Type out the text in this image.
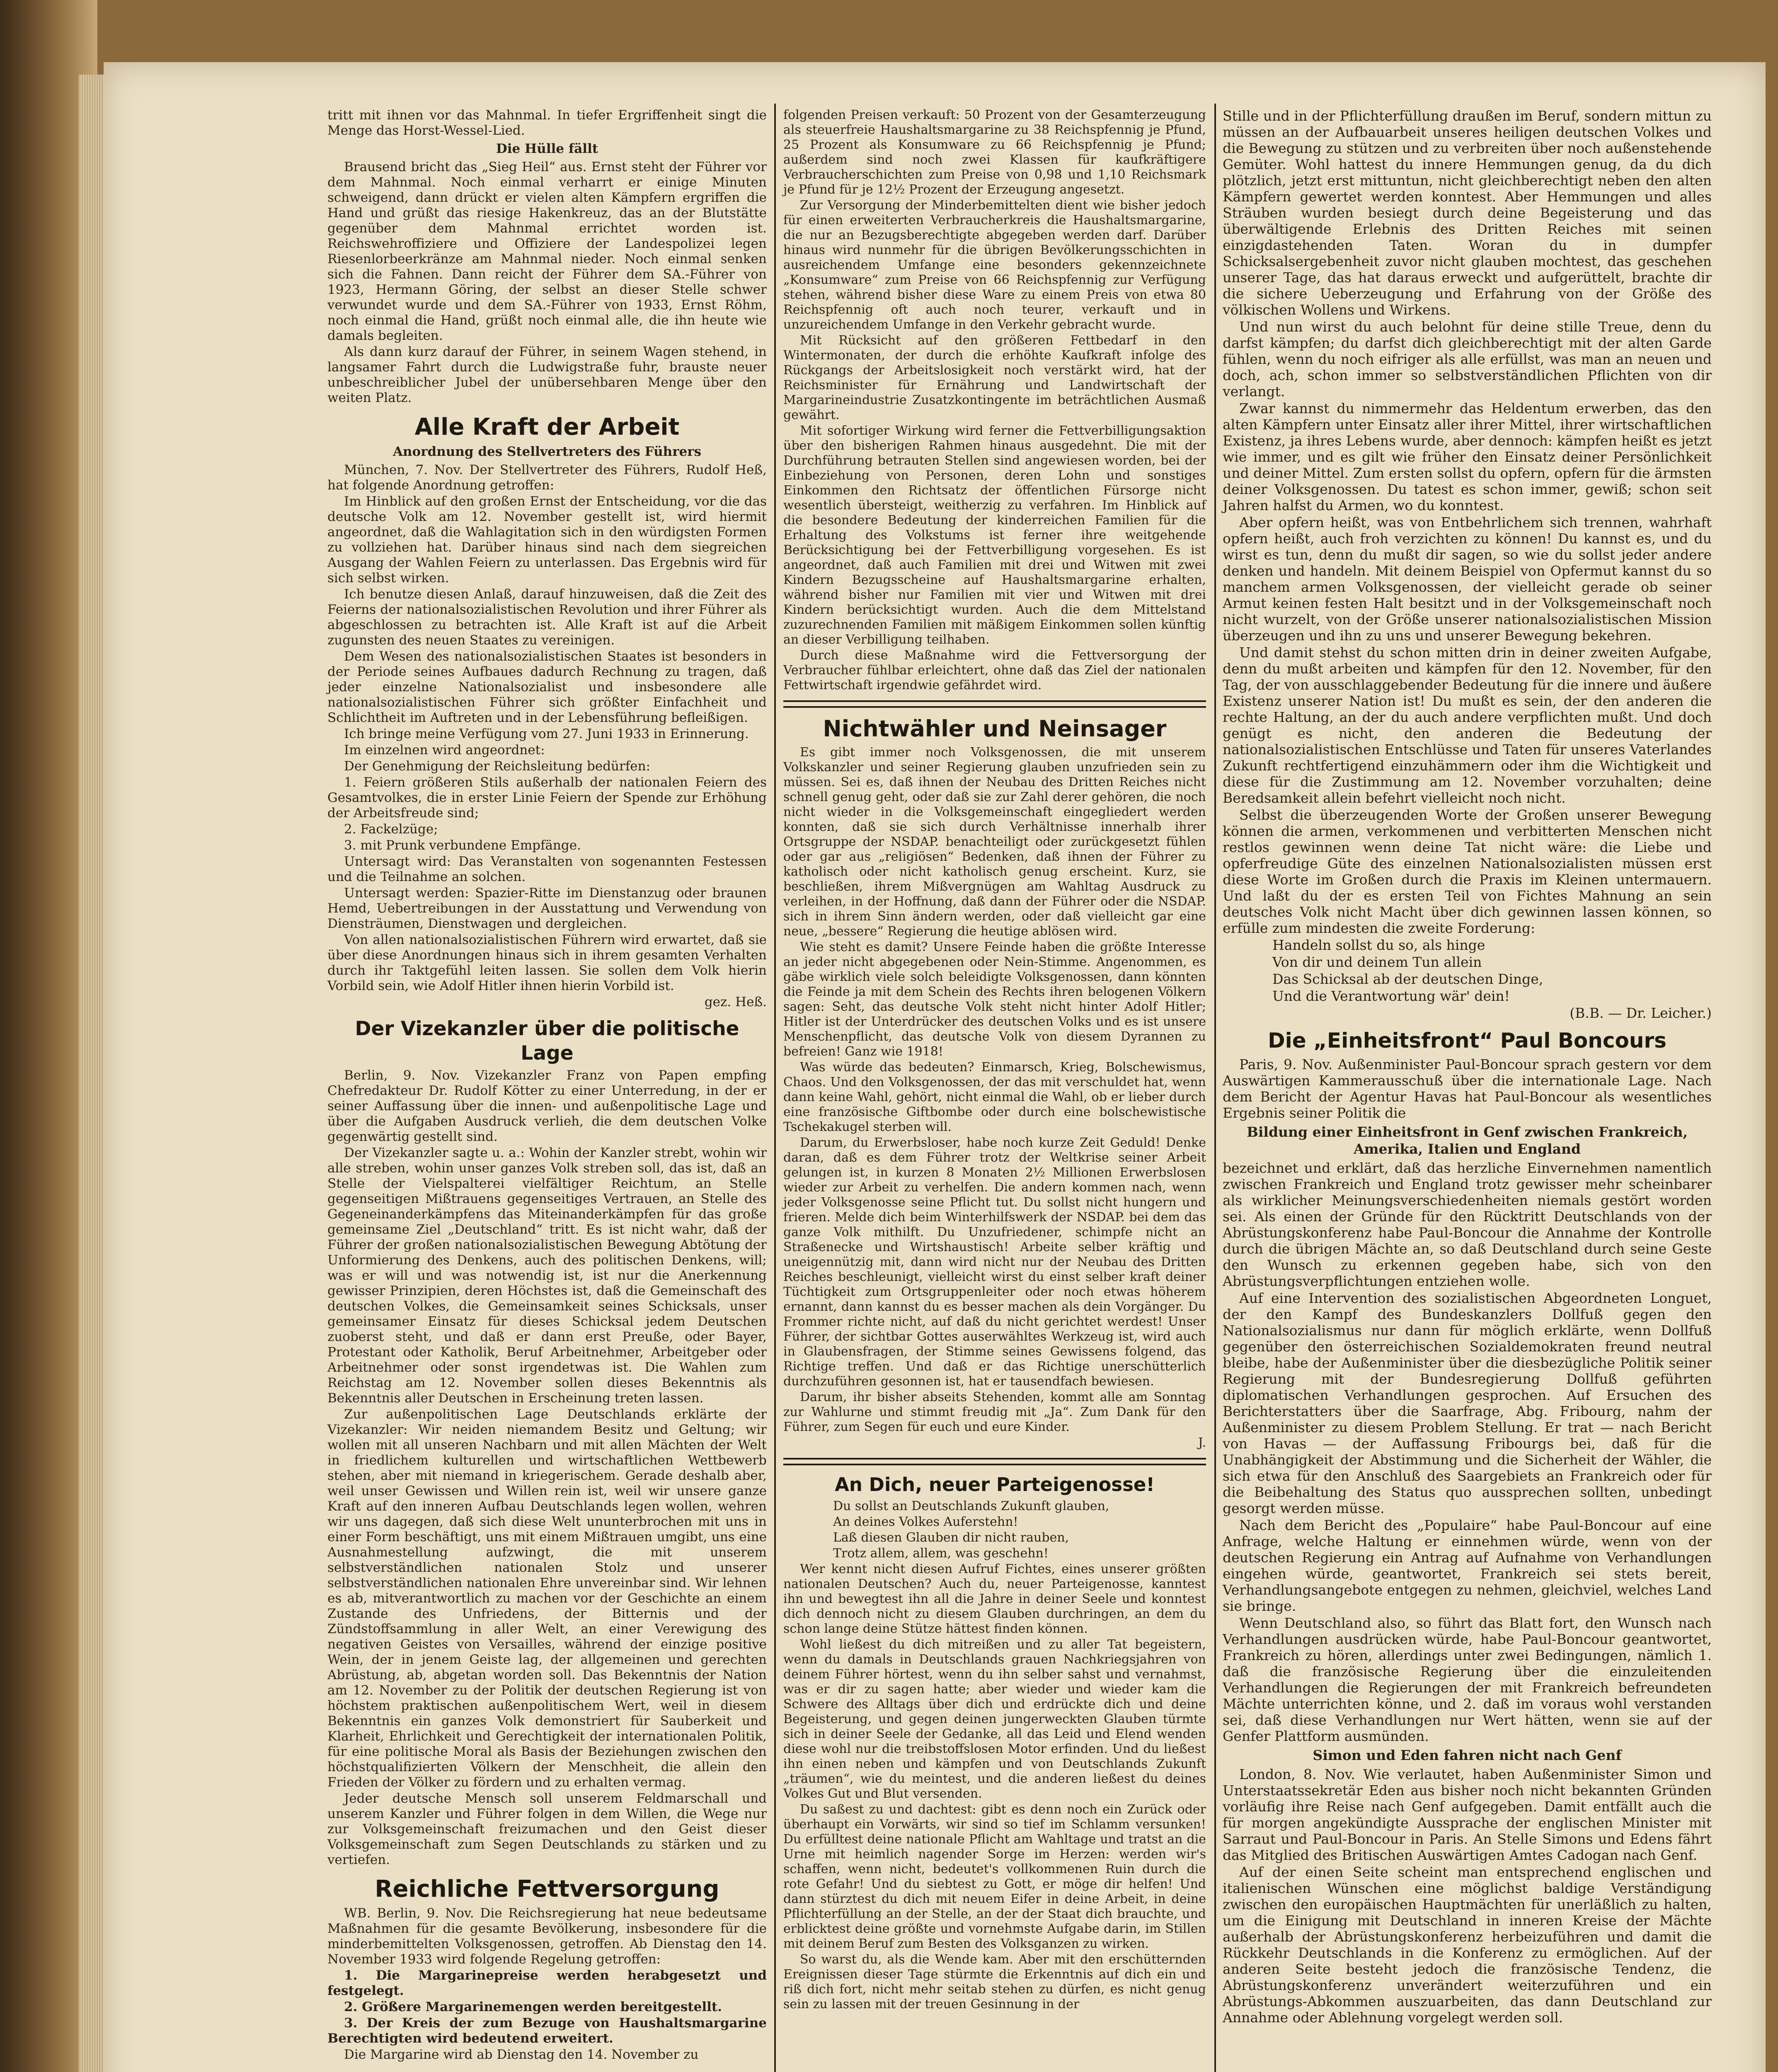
tritt mit ihnen vor das Mahnmal. In tiefer Ergriffenheit singt die Menge das Horst-Wessel-Lied.

Die Hülle fällt

Brausend bricht das „Sieg Heil“ aus. Ernst steht der Führer vor dem Mahnmal. Noch einmal verharrt er einige Minuten schweigend, dann drückt er vielen alten Kämpfern ergriffen die Hand und grüßt das riesige Hakenkreuz, das an der Blutstätte gegenüber dem Mahnmal errichtet worden ist. Reichswehroffiziere und Offiziere der Landespolizei legen Riesenlorbeerkränze am Mahnmal nieder. Noch einmal senken sich die Fahnen. Dann reicht der Führer dem SA.-Führer von 1923, Hermann Göring, der selbst an dieser Stelle schwer verwundet wurde und dem SA.-Führer von 1933, Ernst Röhm, noch einmal die Hand, grüßt noch einmal alle, die ihn heute wie damals begleiten.

Als dann kurz darauf der Führer, in seinem Wagen stehend, in langsamer Fahrt durch die Ludwigstraße fuhr, brauste neuer unbeschreiblicher Jubel der unübersehbaren Menge über den weiten Platz.

Alle Kraft der Arbeit
Anordnung des Stellvertreters des Führers

München, 7. Nov. Der Stellvertreter des Führers, Rudolf Heß, hat folgende Anordnung getroffen:

Im Hinblick auf den großen Ernst der Entscheidung, vor die das deutsche Volk am 12. November gestellt ist, wird hiermit angeordnet, daß die Wahlagitation sich in den würdigsten Formen zu vollziehen hat. Darüber hinaus sind nach dem siegreichen Ausgang der Wahlen Feiern zu unterlassen. Das Ergebnis wird für sich selbst wirken.

Ich benutze diesen Anlaß, darauf hinzuweisen, daß die Zeit des Feierns der nationalsozialistischen Revolution und ihrer Führer als abgeschlossen zu betrachten ist. Alle Kraft ist auf die Arbeit zugunsten des neuen Staates zu vereinigen.

Dem Wesen des nationalsozialistischen Staates ist besonders in der Periode seines Aufbaues dadurch Rechnung zu tragen, daß jeder einzelne Nationalsozialist und insbesondere alle nationalsozialistischen Führer sich größter Einfachheit und Schlichtheit im Auftreten und in der Lebensführung befleißigen.

Ich bringe meine Verfügung vom 27. Juni 1933 in Erinnerung.

Im einzelnen wird angeordnet:

Der Genehmigung der Reichsleitung bedürfen:

1. Feiern größeren Stils außerhalb der nationalen Feiern des Gesamtvolkes, die in erster Linie Feiern der Spende zur Erhöhung der Arbeitsfreude sind;

2. Fackelzüge;

3. mit Prunk verbundene Empfänge.

Untersagt wird: Das Veranstalten von sogenannten Festessen und die Teilnahme an solchen.

Untersagt werden: Spazier-Ritte im Dienstanzug oder braunen Hemd, Uebertreibungen in der Ausstattung und Verwendung von Diensträumen, Dienstwagen und dergleichen.

Von allen nationalsozialistischen Führern wird erwartet, daß sie über diese Anordnungen hinaus sich in ihrem gesamten Verhalten durch ihr Taktgefühl leiten lassen. Sie sollen dem Volk hierin Vorbild sein, wie Adolf Hitler ihnen hierin Vorbild ist.

gez. Heß.

Der Vizekanzler über die politische Lage

Berlin, 9. Nov. Vizekanzler Franz von Papen empfing Chefredakteur Dr. Rudolf Kötter zu einer Unterredung, in der er seiner Auffassung über die innen- und außenpolitische Lage und über die Aufgaben Ausdruck verlieh, die dem deutschen Volke gegenwärtig gestellt sind.

Der Vizekanzler sagte u. a.: Wohin der Kanzler strebt, wohin wir alle streben, wohin unser ganzes Volk streben soll, das ist, daß an Stelle der Vielspalterei vielfältiger Reichtum, an Stelle gegenseitigen Mißtrauens gegenseitiges Vertrauen, an Stelle des Gegeneinanderkämpfens das Miteinanderkämpfen für das große gemeinsame Ziel „Deutschland“ tritt. Es ist nicht wahr, daß der Führer der großen nationalsozialistischen Bewegung Abtötung der Unformierung des Denkens, auch des politischen Denkens, will; was er will und was notwendig ist, ist nur die Anerkennung gewisser Prinzipien, deren Höchstes ist, daß die Gemeinschaft des deutschen Volkes, die Gemeinsamkeit seines Schicksals, unser gemeinsamer Einsatz für dieses Schicksal jedem Deutschen zuoberst steht, und daß er dann erst Preuße, oder Bayer, Protestant oder Katholik, Beruf Arbeitnehmer, Arbeitgeber oder Arbeitnehmer oder sonst irgendetwas ist. Die Wahlen zum Reichstag am 12. November sollen dieses Bekenntnis als Bekenntnis aller Deutschen in Erscheinung treten lassen.

Zur außenpolitischen Lage Deutschlands erklärte der Vizekanzler: Wir neiden niemandem Besitz und Geltung; wir wollen mit all unseren Nachbarn und mit allen Mächten der Welt in friedlichem kulturellen und wirtschaftlichen Wettbewerb stehen, aber mit niemand in kriegerischem. Gerade deshalb aber, weil unser Gewissen und Willen rein ist, weil wir unsere ganze Kraft auf den inneren Aufbau Deutschlands legen wollen, wehren wir uns dagegen, daß sich diese Welt ununterbrochen mit uns in einer Form beschäftigt, uns mit einem Mißtrauen umgibt, uns eine Ausnahmestellung aufzwingt, die mit unserem selbstverständlichen nationalen Stolz und unserer selbstverständlichen nationalen Ehre unvereinbar sind. Wir lehnen es ab, mitverantwortlich zu machen vor der Geschichte an einem Zustande des Unfriedens, der Bitternis und der Zündstoffsammlung in aller Welt, an einer Verewigung des negativen Geistes von Versailles, während der einzige positive Wein, der in jenem Geiste lag, der allgemeinen und gerechten Abrüstung, ab, abgetan worden soll. Das Bekenntnis der Nation am 12. November zu der Politik der deutschen Regierung ist von höchstem praktischen außenpolitischem Wert, weil in diesem Bekenntnis ein ganzes Volk demonstriert für Sauberkeit und Klarheit, Ehrlichkeit und Gerechtigkeit der internationalen Politik, für eine politische Moral als Basis der Beziehungen zwischen den höchstqualifizierten Völkern der Menschheit, die allein den Frieden der Völker zu fördern und zu erhalten vermag.

Jeder deutsche Mensch soll unserem Feldmarschall und unserem Kanzler und Führer folgen in dem Willen, die Wege nur zur Volksgemeinschaft freizumachen und den Geist dieser Volksgemeinschaft zum Segen Deutschlands zu stärken und zu vertiefen.

Reichliche Fettversorgung

WB. Berlin, 9. Nov. Die Reichsregierung hat neue bedeutsame Maßnahmen für die gesamte Bevölkerung, insbesondere für die minderbemittelten Volksgenossen, getroffen. Ab Dienstag den 14. November 1933 wird folgende Regelung getroffen:

1. Die Margarinepreise werden herabgesetzt und festgelegt.

2. Größere Margarinemengen werden bereitgestellt.

3. Der Kreis der zum Bezuge von Haushaltsmargarine Berechtigten wird bedeutend erweitert.

Die Margarine wird ab Dienstag den 14. November zu

folgenden Preisen verkauft: 50 Prozent von der Gesamterzeugung als steuerfreie Haushaltsmargarine zu 38 Reichspfennig je Pfund, 25 Prozent als Konsumware zu 66 Reichspfennig je Pfund; außerdem sind noch zwei Klassen für kaufkräftigere Verbraucherschichten zum Preise von 0,98 und 1,10 Reichsmark je Pfund für je 12½ Prozent der Erzeugung angesetzt.

Zur Versorgung der Minderbemittelten dient wie bisher jedoch für einen erweiterten Verbraucherkreis die Haushaltsmargarine, die nur an Bezugsberechtigte abgegeben werden darf. Darüber hinaus wird nunmehr für die übrigen Bevölkerungsschichten in ausreichendem Umfange eine besonders gekennzeichnete „Konsumware“ zum Preise von 66 Reichspfennig zur Verfügung stehen, während bisher diese Ware zu einem Preis von etwa 80 Reichspfennig oft auch noch teurer, verkauft und in unzureichendem Umfange in den Verkehr gebracht wurde.

Mit Rücksicht auf den größeren Fettbedarf in den Wintermonaten, der durch die erhöhte Kaufkraft infolge des Rückgangs der Arbeitslosigkeit noch verstärkt wird, hat der Reichsminister für Ernährung und Landwirtschaft der Margarineindustrie Zusatzkontingente im beträchtlichen Ausmaß gewährt.

Mit sofortiger Wirkung wird ferner die Fettverbilligungsaktion über den bisherigen Rahmen hinaus ausgedehnt. Die mit der Durchführung betrauten Stellen sind angewiesen worden, bei der Einbeziehung von Personen, deren Lohn und sonstiges Einkommen den Richtsatz der öffentlichen Fürsorge nicht wesentlich übersteigt, weitherzig zu verfahren. Im Hinblick auf die besondere Bedeutung der kinderreichen Familien für die Erhaltung des Volkstums ist ferner ihre weitgehende Berücksichtigung bei der Fettverbilligung vorgesehen. Es ist angeordnet, daß auch Familien mit drei und Witwen mit zwei Kindern Bezugsscheine auf Haushaltsmargarine erhalten, während bisher nur Familien mit vier und Witwen mit drei Kindern berücksichtigt wurden. Auch die dem Mittelstand zuzurechnenden Familien mit mäßigem Einkommen sollen künftig an dieser Verbilligung teilhaben.

Durch diese Maßnahme wird die Fettversorgung der Verbraucher fühlbar erleichtert, ohne daß das Ziel der nationalen Fettwirtschaft irgendwie gefährdet wird.

Nichtwähler und Neinsager

Es gibt immer noch Volksgenossen, die mit unserem Volkskanzler und seiner Regierung glauben unzufrieden sein zu müssen. Sei es, daß ihnen der Neubau des Dritten Reiches nicht schnell genug geht, oder daß sie zur Zahl derer gehören, die noch nicht wieder in die Volksgemeinschaft eingegliedert werden konnten, daß sie sich durch Verhältnisse innerhalb ihrer Ortsgruppe der NSDAP. benachteiligt oder zurückgesetzt fühlen oder gar aus „religiösen“ Bedenken, daß ihnen der Führer zu katholisch oder nicht katholisch genug erscheint. Kurz, sie beschließen, ihrem Mißvergnügen am Wahltag Ausdruck zu verleihen, in der Hoffnung, daß dann der Führer oder die NSDAP. sich in ihrem Sinn ändern werden, oder daß vielleicht gar eine neue, „bessere“ Regierung die heutige ablösen wird.

Wie steht es damit? Unsere Feinde haben die größte Interesse an jeder nicht abgegebenen oder Nein-Stimme. Angenommen, es gäbe wirklich viele solch beleidigte Volksgenossen, dann könnten die Feinde ja mit dem Schein des Rechts ihren belogenen Völkern sagen: Seht, das deutsche Volk steht nicht hinter Adolf Hitler; Hitler ist der Unterdrücker des deutschen Volks und es ist unsere Menschenpflicht, das deutsche Volk von diesem Dyrannen zu befreien! Ganz wie 1918!

Was würde das bedeuten? Einmarsch, Krieg, Bolschewismus, Chaos. Und den Volksgenossen, der das mit verschuldet hat, wenn dann keine Wahl, gehört, nicht einmal die Wahl, ob er lieber durch eine französische Giftbombe oder durch eine bolschewistische Tschekakugel sterben will.

Darum, du Erwerbsloser, habe noch kurze Zeit Geduld! Denke daran, daß es dem Führer trotz der Weltkrise seiner Arbeit gelungen ist, in kurzen 8 Monaten 2½ Millionen Erwerbslosen wieder zur Arbeit zu verhelfen. Die andern kommen nach, wenn jeder Volksgenosse seine Pflicht tut. Du sollst nicht hungern und frieren. Melde dich beim Winterhilfswerk der NSDAP. bei dem das ganze Volk mithilft. Du Unzufriedener, schimpfe nicht an Straßenecke und Wirtshaustisch! Arbeite selber kräftig und uneigennützig mit, dann wird nicht nur der Neubau des Dritten Reiches beschleunigt, vielleicht wirst du einst selber kraft deiner Tüchtigkeit zum Ortsgruppenleiter oder noch etwas höherem ernannt, dann kannst du es besser machen als dein Vorgänger. Du Frommer richte nicht, auf daß du nicht gerichtet werdest! Unser Führer, der sichtbar Gottes auserwähltes Werkzeug ist, wird auch in Glaubensfragen, der Stimme seines Gewissens folgend, das Richtige treffen. Und daß er das Richtige unerschütterlich durchzuführen gesonnen ist, hat er tausendfach bewiesen.

Darum, ihr bisher abseits Stehenden, kommt alle am Sonntag zur Wahlurne und stimmt freudig mit „Ja“. Zum Dank für den Führer, zum Segen für euch und eure Kinder.

J.

An Dich, neuer Parteigenosse!

Du sollst an Deutschlands Zukunft glauben,

An deines Volkes Auferstehn!

Laß diesen Glauben dir nicht rauben,

Trotz allem, allem, was geschehn!

Wer kennt nicht diesen Aufruf Fichtes, eines unserer größten nationalen Deutschen? Auch du, neuer Parteigenosse, kanntest ihn und bewegtest ihn all die Jahre in deiner Seele und konntest dich dennoch nicht zu diesem Glauben durchringen, an dem du schon lange deine Stütze hättest finden können.

Wohl ließest du dich mitreißen und zu aller Tat begeistern, wenn du damals in Deutschlands grauen Nachkriegsjahren von deinem Führer hörtest, wenn du ihn selber sahst und vernahmst, was er dir zu sagen hatte; aber wieder und wieder kam die Schwere des Alltags über dich und erdrückte dich und deine Begeisterung, und gegen deinen jungerweckten Glauben türmte sich in deiner Seele der Gedanke, all das Leid und Elend wenden diese wohl nur die treibstoffslosen Motor erfinden. Und du ließest ihn einen neben und kämpfen und von Deutschlands Zukunft „träumen“, wie du meintest, und die anderen ließest du deines Volkes Gut und Blut versenden.

Du saßest zu und dachtest: gibt es denn noch ein Zurück oder überhaupt ein Vorwärts, wir sind so tief im Schlamm versunken! Du erfülltest deine nationale Pflicht am Wahltage und tratst an die Urne mit heimlich nagender Sorge im Herzen: werden wir's schaffen, wenn nicht, bedeutet's vollkommenen Ruin durch die rote Gefahr! Und du siebtest zu Gott, er möge dir helfen! Und dann stürztest du dich mit neuem Eifer in deine Arbeit, in deine Pflichterfüllung an der Stelle, an der der Staat dich brauchte, und erblicktest deine größte und vornehmste Aufgabe darin, im Stillen mit deinem Beruf zum Besten des Volksganzen zu wirken.

So warst du, als die Wende kam. Aber mit den erschütternden Ereignissen dieser Tage stürmte die Erkenntnis auf dich ein und riß dich fort, nicht mehr seitab stehen zu dürfen, es nicht genug sein zu lassen mit der treuen Gesinnung in der

Stille und in der Pflichterfüllung draußen im Beruf, sondern mittun zu müssen an der Aufbauarbeit unseres heiligen deutschen Volkes und die Bewegung zu stützen und zu verbreiten über noch außenstehende Gemüter. Wohl hattest du innere Hemmungen genug, da du dich plötzlich, jetzt erst mittuntun, nicht gleichberechtigt neben den alten Kämpfern gewertet werden konntest. Aber Hemmungen und alles Sträuben wurden besiegt durch deine Begeisterung und das überwältigende Erlebnis des Dritten Reiches mit seinen einzigdastehenden Taten. Woran du in dumpfer Schicksalsergebenheit zuvor nicht glauben mochtest, das geschehen unserer Tage, das hat daraus erweckt und aufgerüttelt, brachte dir die sichere Ueberzeugung und Erfahrung von der Größe des völkischen Wollens und Wirkens.

Und nun wirst du auch belohnt für deine stille Treue, denn du darfst kämpfen; du darfst dich gleichberechtigt mit der alten Garde fühlen, wenn du noch eifriger als alle erfüllst, was man an neuen und doch, ach, schon immer so selbstverständlichen Pflichten von dir verlangt.

Zwar kannst du nimmermehr das Heldentum erwerben, das den alten Kämpfern unter Einsatz aller ihrer Mittel, ihrer wirtschaftlichen Existenz, ja ihres Lebens wurde, aber dennoch: kämpfen heißt es jetzt wie immer, und es gilt wie früher den Einsatz deiner Persönlichkeit und deiner Mittel. Zum ersten sollst du opfern, opfern für die ärmsten deiner Volksgenossen. Du tatest es schon immer, gewiß; schon seit Jahren halfst du Armen, wo du konntest.

Aber opfern heißt, was von Entbehrlichem sich trennen, wahrhaft opfern heißt, auch froh verzichten zu können! Du kannst es, und du wirst es tun, denn du mußt dir sagen, so wie du sollst jeder andere denken und handeln. Mit deinem Beispiel von Opfermut kannst du so manchem armen Volksgenossen, der vielleicht gerade ob seiner Armut keinen festen Halt besitzt und in der Volksgemeinschaft noch nicht wurzelt, von der Größe unserer nationalsozialistischen Mission überzeugen und ihn zu uns und unserer Bewegung bekehren.

Und damit stehst du schon mitten drin in deiner zweiten Aufgabe, denn du mußt arbeiten und kämpfen für den 12. November, für den Tag, der von ausschlaggebender Bedeutung für die innere und äußere Existenz unserer Nation ist! Du mußt es sein, der den anderen die rechte Haltung, an der du auch andere verpflichten mußt. Und doch genügt es nicht, den anderen die Bedeutung der nationalsozialistischen Entschlüsse und Taten für unseres Vaterlandes Zukunft rechtfertigend einzuhämmern oder ihm die Wichtigkeit und diese für die Zustimmung am 12. November vorzuhalten; deine Beredsamkeit allein befehrt vielleicht noch nicht.

Selbst die überzeugenden Worte der Großen unserer Bewegung können die armen, verkommenen und verbitterten Menschen nicht restlos gewinnen wenn deine Tat nicht wäre: die Liebe und opferfreudige Güte des einzelnen Nationalsozialisten müssen erst diese Worte im Großen durch die Praxis im Kleinen untermauern. Und laßt du der es ersten Teil von Fichtes Mahnung an sein deutsches Volk nicht Macht über dich gewinnen lassen können, so erfülle zum mindesten die zweite Forderung:

Handeln sollst du so, als hinge

Von dir und deinem Tun allein

Das Schicksal ab der deutschen Dinge,

Und die Verantwortung wär' dein!

(B.B. — Dr. Leicher.)

Die „Einheitsfront“ Paul Boncours

Paris, 9. Nov. Außenminister Paul-Boncour sprach gestern vor dem Auswärtigen Kammerausschuß über die internationale Lage. Nach dem Bericht der Agentur Havas hat Paul-Boncour als wesentliches Ergebnis seiner Politik die

Bildung einer Einheitsfront in Genf zwischen Frankreich, Amerika, Italien und England

bezeichnet und erklärt, daß das herzliche Einvernehmen namentlich zwischen Frankreich und England trotz gewisser mehr scheinbarer als wirklicher Meinungsverschiedenheiten niemals gestört worden sei. Als einen der Gründe für den Rücktritt Deutschlands von der Abrüstungskonferenz habe Paul-Boncour die Annahme der Kontrolle durch die übrigen Mächte an, so daß Deutschland durch seine Geste den Wunsch zu erkennen gegeben habe, sich von den Abrüstungsverpflichtungen entziehen wolle.

Auf eine Intervention des sozialistischen Abgeordneten Longuet, der den Kampf des Bundeskanzlers Dollfuß gegen den Nationalsozialismus nur dann für möglich erklärte, wenn Dollfuß gegenüber den österreichischen Sozialdemokraten freund neutral bleibe, habe der Außenminister über die diesbezügliche Politik seiner Regierung mit der Bundesregierung Dollfuß geführten diplomatischen Verhandlungen gesprochen. Auf Ersuchen des Berichterstatters über die Saarfrage, Abg. Fribourg, nahm der Außenminister zu diesem Problem Stellung. Er trat — nach Bericht von Havas — der Auffassung Fribourgs bei, daß für die Unabhängigkeit der Abstimmung und die Sicherheit der Wähler, die sich etwa für den Anschluß des Saargebiets an Frankreich oder für die Beibehaltung des Status quo aussprechen sollten, unbedingt gesorgt werden müsse.

Nach dem Bericht des „Populaire“ habe Paul-Boncour auf eine Anfrage, welche Haltung er einnehmen würde, wenn von der deutschen Regierung ein Antrag auf Aufnahme von Verhandlungen eingehen würde, geantwortet, Frankreich sei stets bereit, Verhandlungsangebote entgegen zu nehmen, gleichviel, welches Land sie bringe.

Wenn Deutschland also, so führt das Blatt fort, den Wunsch nach Verhandlungen ausdrücken würde, habe Paul-Boncour geantwortet, Frankreich zu hören, allerdings unter zwei Bedingungen, nämlich 1. daß die französische Regierung über die einzuleitenden Verhandlungen die Regierungen der mit Frankreich befreundeten Mächte unterrichten könne, und 2. daß im voraus wohl verstanden sei, daß diese Verhandlungen nur Wert hätten, wenn sie auf der Genfer Plattform ausmünden.

Simon und Eden fahren nicht nach Genf

London, 8. Nov. Wie verlautet, haben Außenminister Simon und Unterstaatssekretär Eden aus bisher noch nicht bekannten Gründen vorläufig ihre Reise nach Genf aufgegeben. Damit entfällt auch die für morgen angekündigte Aussprache der englischen Minister mit Sarraut und Paul-Boncour in Paris. An Stelle Simons und Edens fährt das Mitglied des Britischen Auswärtigen Amtes Cadogan nach Genf.

Auf der einen Seite scheint man entsprechend englischen und italienischen Wünschen eine möglichst baldige Verständigung zwischen den europäischen Hauptmächten für unerläßlich zu halten, um die Einigung mit Deutschland in inneren Kreise der Mächte außerhalb der Abrüstungskonferenz herbeizuführen und damit die Rückkehr Deutschlands in die Konferenz zu ermöglichen. Auf der anderen Seite besteht jedoch die französische Tendenz, die Abrüstungskonferenz unverändert weiterzuführen und ein Abrüstungs-Abkommen auszuarbeiten, das dann Deutschland zur Annahme oder Ablehnung vorgelegt werden soll.
